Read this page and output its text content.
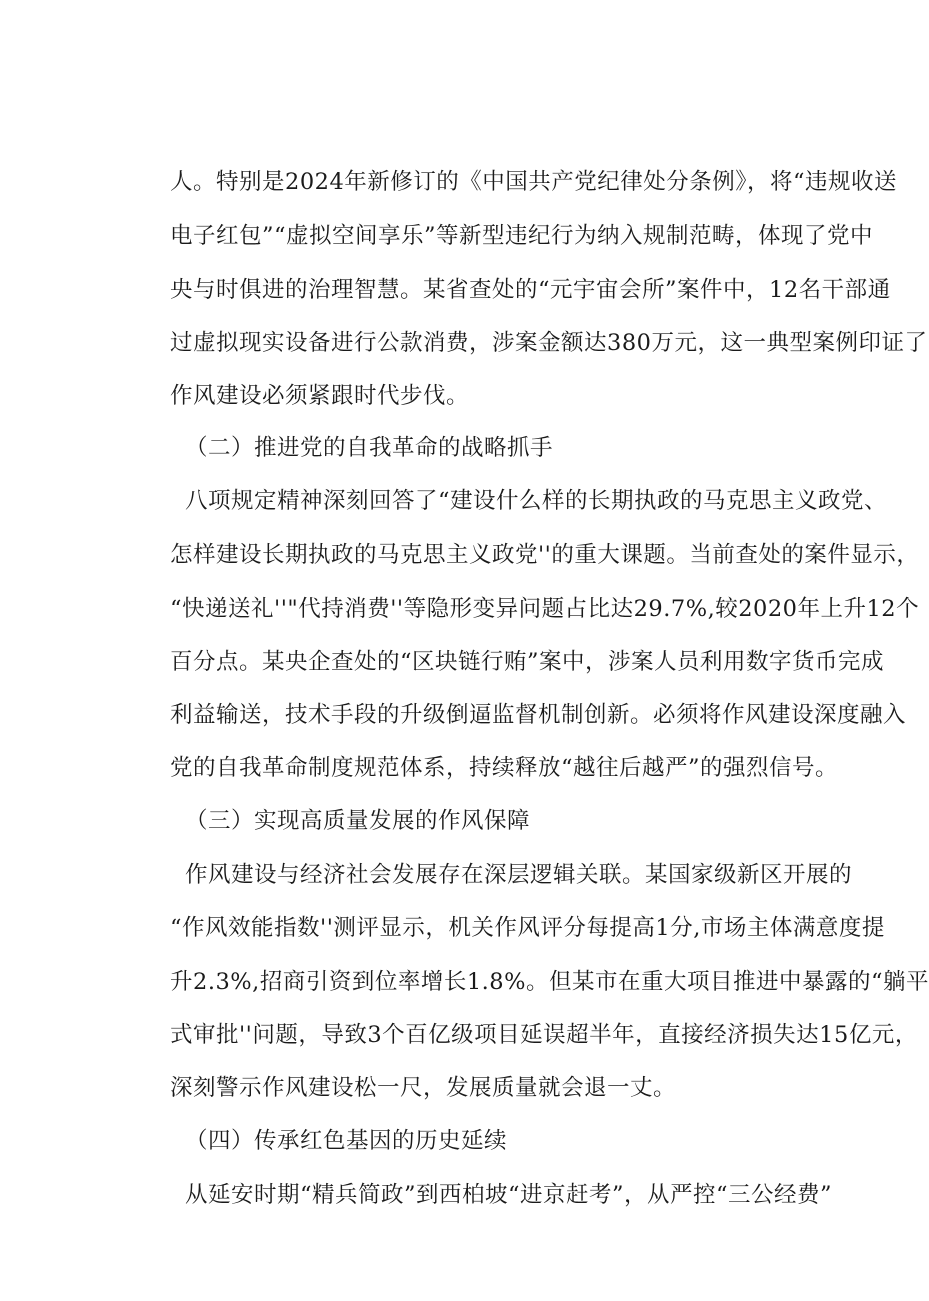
人。特别是2024年新修订的《中国共产党纪律处分条例》，将“违规收送
电子红包”“虚拟空间享乐”等新型违纪行为纳入规制范畴，体现了党中
央与时俱进的治理智慧。某省查处的“元宇宙会所”案件中，12名干部通
过虚拟现实设备进行公款消费，涉案金额达380万元，这一典型案例印证了
作风建设必须紧跟时代步伐。
（二）推进党的自我革命的战略抓手
八项规定精神深刻回答了“建设什么样的长期执政的马克思主义政党、
怎样建设长期执政的马克思主义政党''的重大课题。当前查处的案件显示，
“快递送礼''"代持消费''等隐形变异问题占比达29.7%,较2020年上升12个
百分点。某央企查处的“区块链行贿”案中，涉案人员利用数字货币完成
利益输送，技术手段的升级倒逼监督机制创新。必须将作风建设深度融入
党的自我革命制度规范体系，持续释放“越往后越严”的强烈信号。
（三）实现高质量发展的作风保障
作风建设与经济社会发展存在深层逻辑关联。某国家级新区开展的
“作风效能指数''测评显示，机关作风评分每提高1分,市场主体满意度提
升2.3%,招商引资到位率增长1.8%。但某市在重大项目推进中暴露的“躺平
式审批''问题，导致3个百亿级项目延误超半年，直接经济损失达15亿元，
深刻警示作风建设松一尺，发展质量就会退一丈。
（四）传承红色基因的历史延续
从延安时期“精兵简政”到西柏坡“进京赶考”，从严控“三公经费”
